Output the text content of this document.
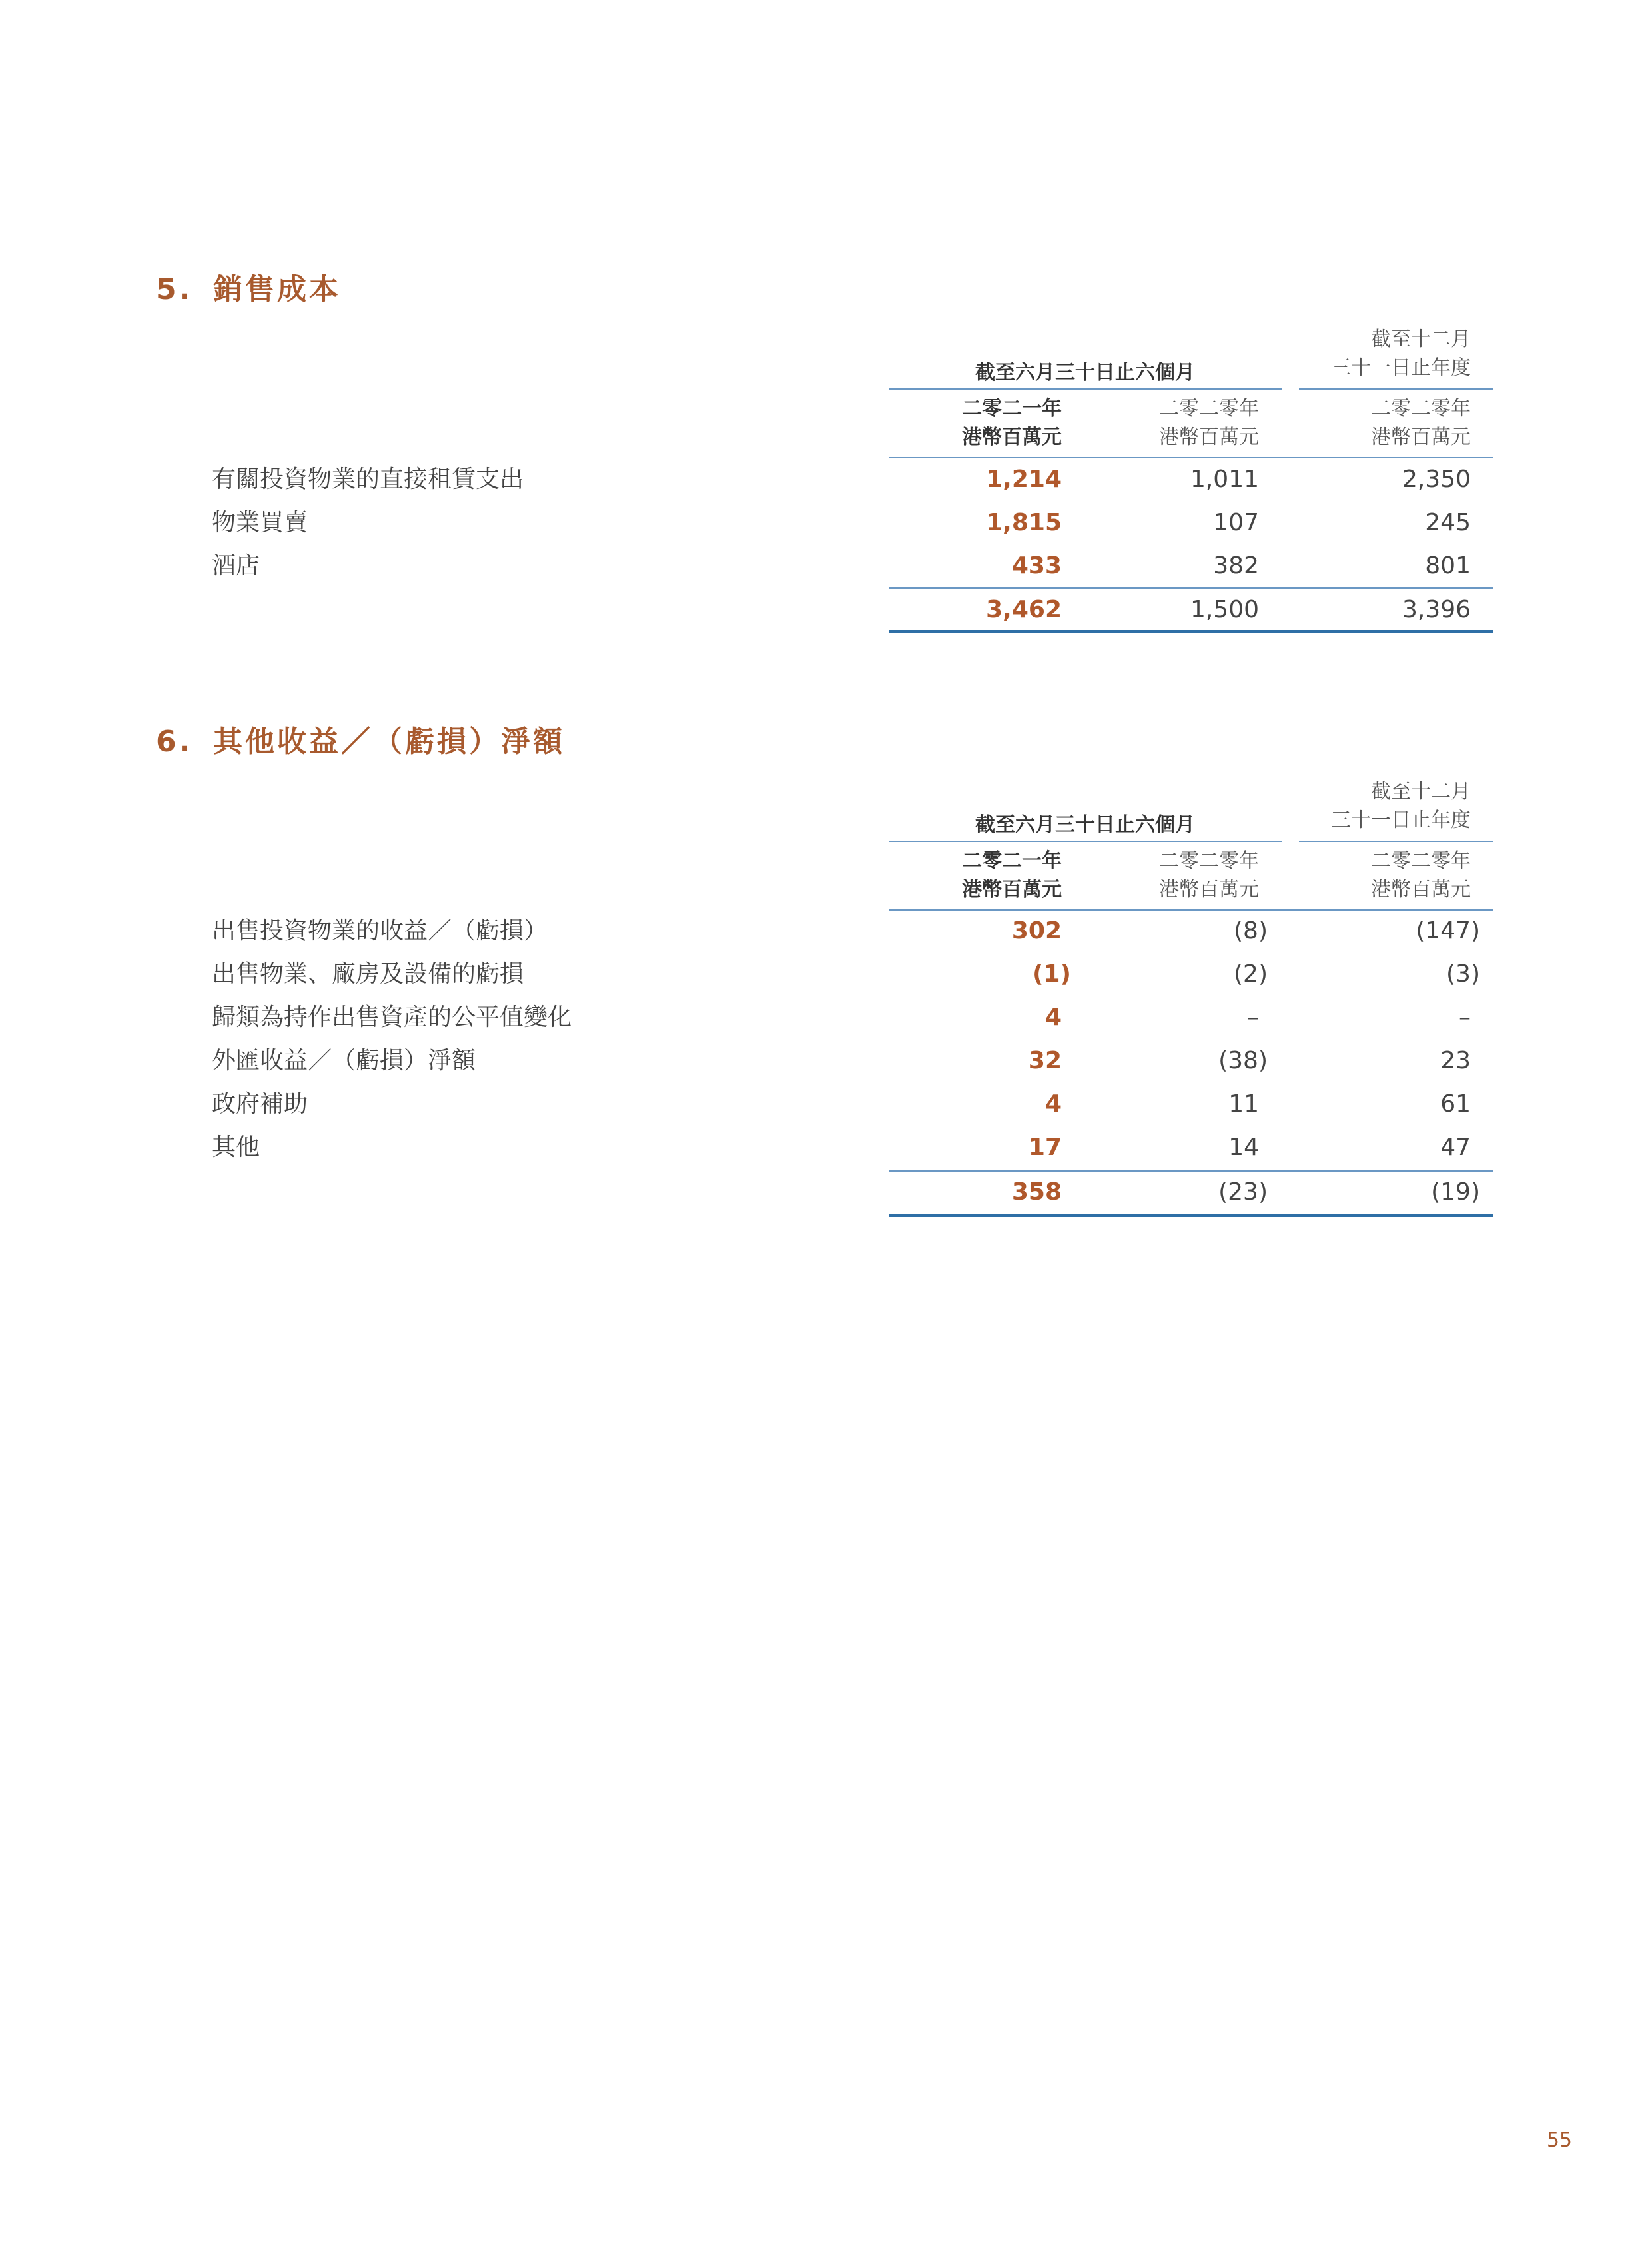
5. 銷售成本
截至六月三十日止六個月
截至十二月
三十一日止年度
二零二一年
港幣百萬元
二零二零年
港幣百萬元
二零二零年
港幣百萬元
有關投資物業的直接租賃支出	1,214	1,011	2,350
物業買賣	1,815	107	245
酒店	433	382	801
3,462	1,500	3,396
6. 其他收益／（虧損）淨額
截至六月三十日止六個月
截至十二月
三十一日止年度
二零二一年
港幣百萬元
二零二零年
港幣百萬元
二零二零年
港幣百萬元
出售投資物業的收益／（虧損）	302	(8)	(147)
出售物業、廠房及設備的虧損	(1)	(2)	(3)
歸類為持作出售資產的公平值變化	4	–	–
外匯收益／（虧損）淨額	32	(38)	23
政府補助	4	11	61
其他	17	14	47
358	(23)	(19)
55
